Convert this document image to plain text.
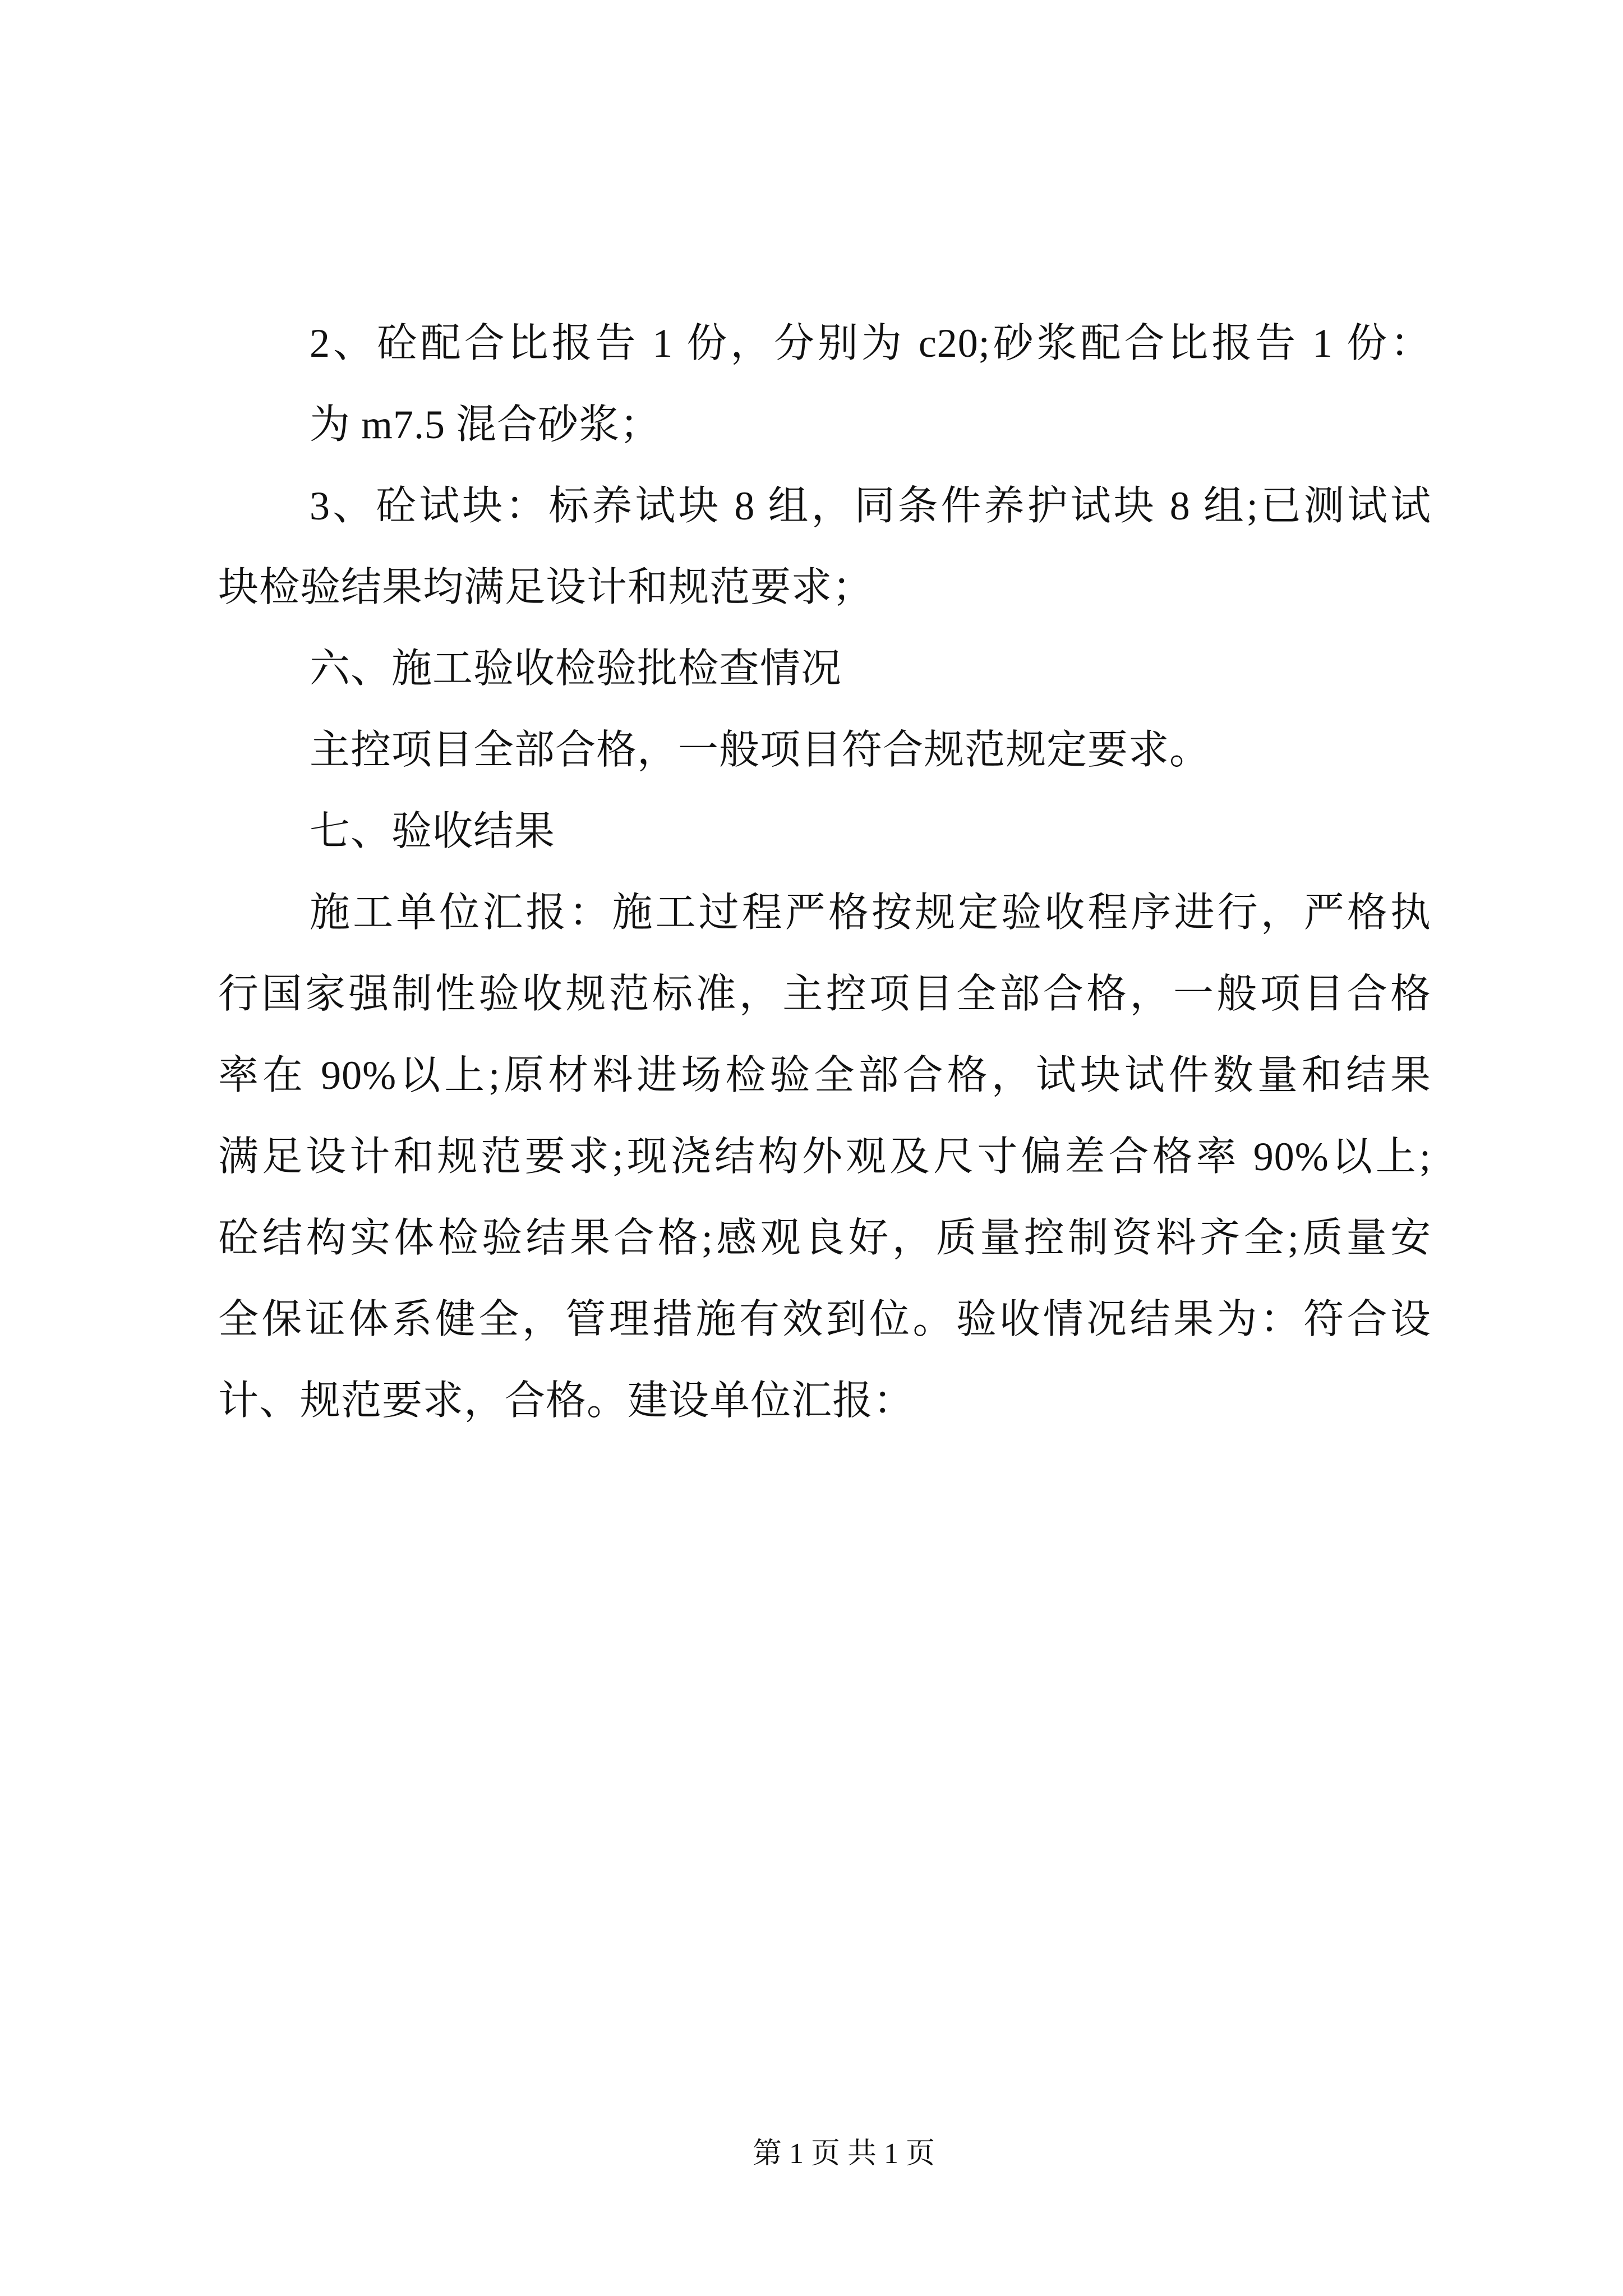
2、砼配合比报告 1 份，分别为 c20;砂浆配合比报告 1 份：
为 m7.5 混合砂浆；
3、砼试块：标养试块 8 组，同条件养护试块 8 组;已测试试
块检验结果均满足设计和规范要求；
六、施工验收检验批检查情况
主控项目全部合格，一般项目符合规范规定要求。
七、验收结果
施工单位汇报：施工过程严格按规定验收程序进行，严格执
行国家强制性验收规范标准，主控项目全部合格，一般项目合格
率在 90%以上;原材料进场检验全部合格，试块试件数量和结果
满足设计和规范要求;现浇结构外观及尺寸偏差合格率 90%以上;
砼结构实体检验结果合格;感观良好，质量控制资料齐全;质量安
全保证体系健全，管理措施有效到位。验收情况结果为：符合设
计、规范要求，合格。建设单位汇报：
第 1 页 共 1 页
